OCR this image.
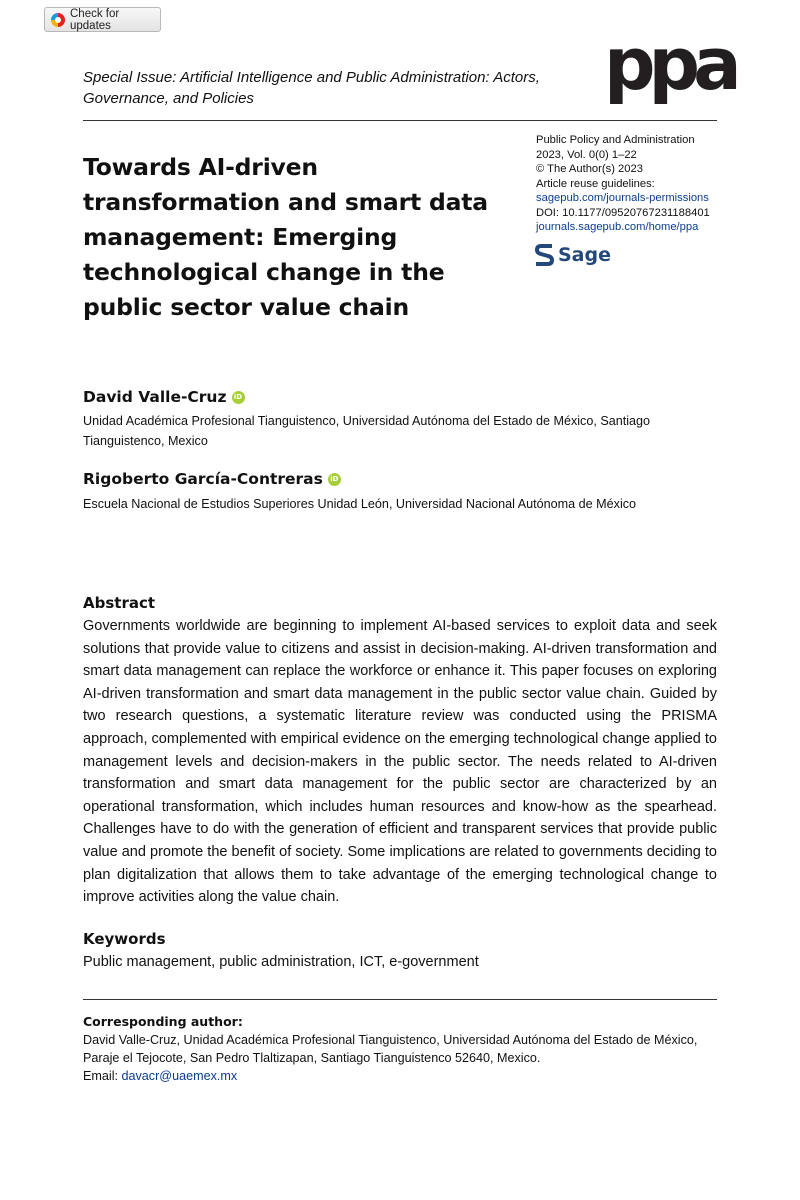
Check for updates	ppa
Special Issue: Artificial Intelligence and Public Administration: Actors, Governance, and Policies
Towards AI-driven transformation and smart data management: Emerging technological change in the public sector value chain
Public Policy and Administration
2023, Vol. 0(0) 1–22
© The Author(s) 2023
Article reuse guidelines:
sagepub.com/journals-permissions
DOI: 10.1177/09520767231188401
journals.sagepub.com/home/ppa
Sage
David Valle-Cruz	iD
Unidad Académica Profesional Tianguistenco, Universidad Autónoma del Estado de México, Santiago Tianguistenco, Mexico
Rigoberto García-Contreras	iD
Escuela Nacional de Estudios Superiores Unidad León, Universidad Nacional Autónoma de México
Abstract

Governments worldwide are beginning to implement AI-based services to exploit data and seek solutions that provide value to citizens and assist in decision-making. AI-driven transformation and smart data management can replace the workforce or enhance it. This paper focuses on exploring AI-driven transformation and smart data management in the public sector value chain. Guided by two research questions, a systematic literature review was conducted using the PRISMA approach, complemented with empirical evidence on the emerging technological change applied to management levels and decision-makers in the public sector. The needs related to AI-driven transformation and smart data management for the public sector are characterized by an operational transformation, which includes human resources and know-how as the spearhead. Challenges have to do with the generation of efficient and transparent services that provide public value and promote the benefit of society. Some implications are related to governments deciding to plan digitalization that allows them to take advantage of the emerging technological change to improve activities along the value chain.

Keywords

Public management, public administration, ICT, e-government

Corresponding author:
David Valle-Cruz, Unidad Académica Profesional Tianguistenco, Universidad Autónoma del Estado de México, Paraje el Tejocote, San Pedro Tlaltizapan, Santiago Tianguistenco 52640, Mexico.
Email: davacr@uaemex.mx
